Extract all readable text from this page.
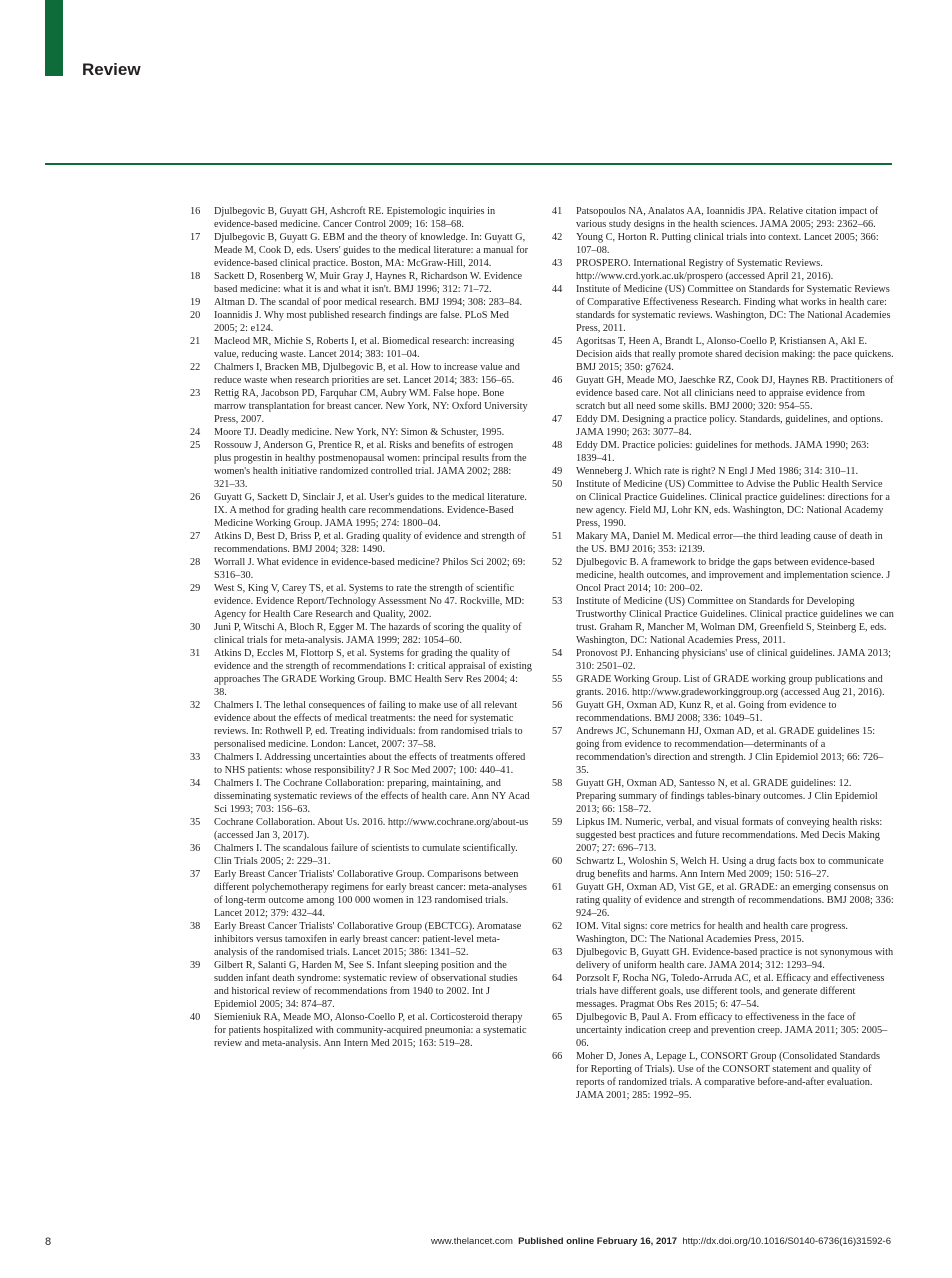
Review
16 Djulbegovic B, Guyatt GH, Ashcroft RE. Epistemologic inquiries in evidence-based medicine. Cancer Control 2009; 16: 158–68.
17 Djulbegovic B, Guyatt G. EBM and the theory of knowledge. In: Guyatt G, Meade M, Cook D, eds. Users' guides to the medical literature: a manual for evidence-based clinical practice. Boston, MA: McGraw-Hill, 2014.
18 Sackett D, Rosenberg W, Muir Gray J, Haynes R, Richardson W. Evidence based medicine: what it is and what it isn't. BMJ 1996; 312: 71–72.
19 Altman D. The scandal of poor medical research. BMJ 1994; 308: 283–84.
20 Ioannidis J. Why most published research findings are false. PLoS Med 2005; 2: e124.
21 Macleod MR, Michie S, Roberts I, et al. Biomedical research: increasing value, reducing waste. Lancet 2014; 383: 101–04.
22 Chalmers I, Bracken MB, Djulbegovic B, et al. How to increase value and reduce waste when research priorities are set. Lancet 2014; 383: 156–65.
23 Rettig RA, Jacobson PD, Farquhar CM, Aubry WM. False hope. Bone marrow transplantation for breast cancer. New York, NY: Oxford University Press, 2007.
24 Moore TJ. Deadly medicine. New York, NY: Simon & Schuster, 1995.
25 Rossouw J, Anderson G, Prentice R, et al. Risks and benefits of estrogen plus progestin in healthy postmenopausal women: principal results from the women's health initiative randomized controlled trial. JAMA 2002; 288: 321–33.
26 Guyatt G, Sackett D, Sinclair J, et al. User's guides to the medical literature. IX. A method for grading health care recommendations. Evidence-Based Medicine Working Group. JAMA 1995; 274: 1800–04.
27 Atkins D, Best D, Briss P, et al. Grading quality of evidence and strength of recommendations. BMJ 2004; 328: 1490.
28 Worrall J. What evidence in evidence-based medicine? Philos Sci 2002; 69: S316–30.
29 West S, King V, Carey TS, et al. Systems to rate the strength of scientific evidence. Evidence Report/Technology Assessment No 47. Rockville, MD: Agency for Health Care Research and Quality, 2002.
30 Juni P, Witschi A, Bloch R, Egger M. The hazards of scoring the quality of clinical trials for meta-analysis. JAMA 1999; 282: 1054–60.
31 Atkins D, Eccles M, Flottorp S, et al. Systems for grading the quality of evidence and the strength of recommendations I: critical appraisal of existing approaches The GRADE Working Group. BMC Health Serv Res 2004; 4: 38.
32 Chalmers I. The lethal consequences of failing to make use of all relevant evidence about the effects of medical treatments: the need for systematic reviews. In: Rothwell P, ed. Treating individuals: from randomised trials to personalised medicine. London: Lancet, 2007: 37–58.
33 Chalmers I. Addressing uncertainties about the effects of treatments offered to NHS patients: whose responsibility? J R Soc Med 2007; 100: 440–41.
34 Chalmers I. The Cochrane Collaboration: preparing, maintaining, and disseminating systematic reviews of the effects of health care. Ann NY Acad Sci 1993; 703: 156–63.
35 Cochrane Collaboration. About Us. 2016. http://www.cochrane.org/about-us (accessed Jan 3, 2017).
36 Chalmers I. The scandalous failure of scientists to cumulate scientifically. Clin Trials 2005; 2: 229–31.
37 Early Breast Cancer Trialists' Collaborative Group. Comparisons between different polychemotherapy regimens for early breast cancer: meta-analyses of long-term outcome among 100 000 women in 123 randomised trials. Lancet 2012; 379: 432–44.
38 Early Breast Cancer Trialists' Collaborative Group (EBCTCG). Aromatase inhibitors versus tamoxifen in early breast cancer: patient-level meta-analysis of the randomised trials. Lancet 2015; 386: 1341–52.
39 Gilbert R, Salanti G, Harden M, See S. Infant sleeping position and the sudden infant death syndrome: systematic review of observational studies and historical review of recommendations from 1940 to 2002. Int J Epidemiol 2005; 34: 874–87.
40 Siemieniuk RA, Meade MO, Alonso-Coello P, et al. Corticosteroid therapy for patients hospitalized with community-acquired pneumonia: a systematic review and meta-analysis. Ann Intern Med 2015; 163: 519–28.
41 Patsopoulos NA, Analatos AA, Ioannidis JPA. Relative citation impact of various study designs in the health sciences. JAMA 2005; 293: 2362–66.
42 Young C, Horton R. Putting clinical trials into context. Lancet 2005; 366: 107–08.
43 PROSPERO. International Registry of Systematic Reviews. http://www.crd.york.ac.uk/prospero (accessed April 21, 2016).
44 Institute of Medicine (US) Committee on Standards for Systematic Reviews of Comparative Effectiveness Research. Finding what works in health care: standards for systematic reviews. Washington, DC: The National Academies Press, 2011.
45 Agoritsas T, Heen A, Brandt L, Alonso-Coello P, Kristiansen A, Akl E. Decision aids that really promote shared decision making: the pace quickens. BMJ 2015; 350: g7624.
46 Guyatt GH, Meade MO, Jaeschke RZ, Cook DJ, Haynes RB. Practitioners of evidence based care. Not all clinicians need to appraise evidence from scratch but all need some skills. BMJ 2000; 320: 954–55.
47 Eddy DM. Designing a practice policy. Standards, guidelines, and options. JAMA 1990; 263: 3077–84.
48 Eddy DM. Practice policies: guidelines for methods. JAMA 1990; 263: 1839–41.
49 Wenneberg J. Which rate is right? N Engl J Med 1986; 314: 310–11.
50 Institute of Medicine (US) Committee to Advise the Public Health Service on Clinical Practice Guidelines. Clinical practice guidelines: directions for a new agency. Field MJ, Lohr KN, eds. Washington, DC: National Academy Press, 1990.
51 Makary MA, Daniel M. Medical error—the third leading cause of death in the US. BMJ 2016; 353: i2139.
52 Djulbegovic B. A framework to bridge the gaps between evidence-based medicine, health outcomes, and improvement and implementation science. J Oncol Pract 2014; 10: 200–02.
53 Institute of Medicine (US) Committee on Standards for Developing Trustworthy Clinical Practice Guidelines. Clinical practice guidelines we can trust. Graham R, Mancher M, Wolman DM, Greenfield S, Steinberg E, eds. Washington, DC: National Academies Press, 2011.
54 Pronovost PJ. Enhancing physicians' use of clinical guidelines. JAMA 2013; 310: 2501–02.
55 GRADE Working Group. List of GRADE working group publications and grants. 2016. http://www.gradeworkinggroup.org (accessed Aug 21, 2016).
56 Guyatt GH, Oxman AD, Kunz R, et al. Going from evidence to recommendations. BMJ 2008; 336: 1049–51.
57 Andrews JC, Schunemann HJ, Oxman AD, et al. GRADE guidelines 15: going from evidence to recommendation—determinants of a recommendation's direction and strength. J Clin Epidemiol 2013; 66: 726–35.
58 Guyatt GH, Oxman AD, Santesso N, et al. GRADE guidelines: 12. Preparing summary of findings tables-binary outcomes. J Clin Epidemiol 2013; 66: 158–72.
59 Lipkus IM. Numeric, verbal, and visual formats of conveying health risks: suggested best practices and future recommendations. Med Decis Making 2007; 27: 696–713.
60 Schwartz L, Woloshin S, Welch H. Using a drug facts box to communicate drug benefits and harms. Ann Intern Med 2009; 150: 516–27.
61 Guyatt GH, Oxman AD, Vist GE, et al. GRADE: an emerging consensus on rating quality of evidence and strength of recommendations. BMJ 2008; 336: 924–26.
62 IOM. Vital signs: core metrics for health and health care progress. Washington, DC: The National Academies Press, 2015.
63 Djulbegovic B, Guyatt GH. Evidence-based practice is not synonymous with delivery of uniform health care. JAMA 2014; 312: 1293–94.
64 Porzsolt F, Rocha NG, Toledo-Arruda AC, et al. Efficacy and effectiveness trials have different goals, use different tools, and generate different messages. Pragmat Obs Res 2015; 6: 47–54.
65 Djulbegovic B, Paul A. From efficacy to effectiveness in the face of uncertainty indication creep and prevention creep. JAMA 2011; 305: 2005–06.
66 Moher D, Jones A, Lepage L, CONSORT Group (Consolidated Standards for Reporting of Trials). Use of the CONSORT statement and quality of reports of randomized trials. A comparative before-and-after evaluation. JAMA 2001; 285: 1992–95.
8	www.thelancet.com Published online February 16, 2017 http://dx.doi.org/10.1016/S0140-6736(16)31592-6
